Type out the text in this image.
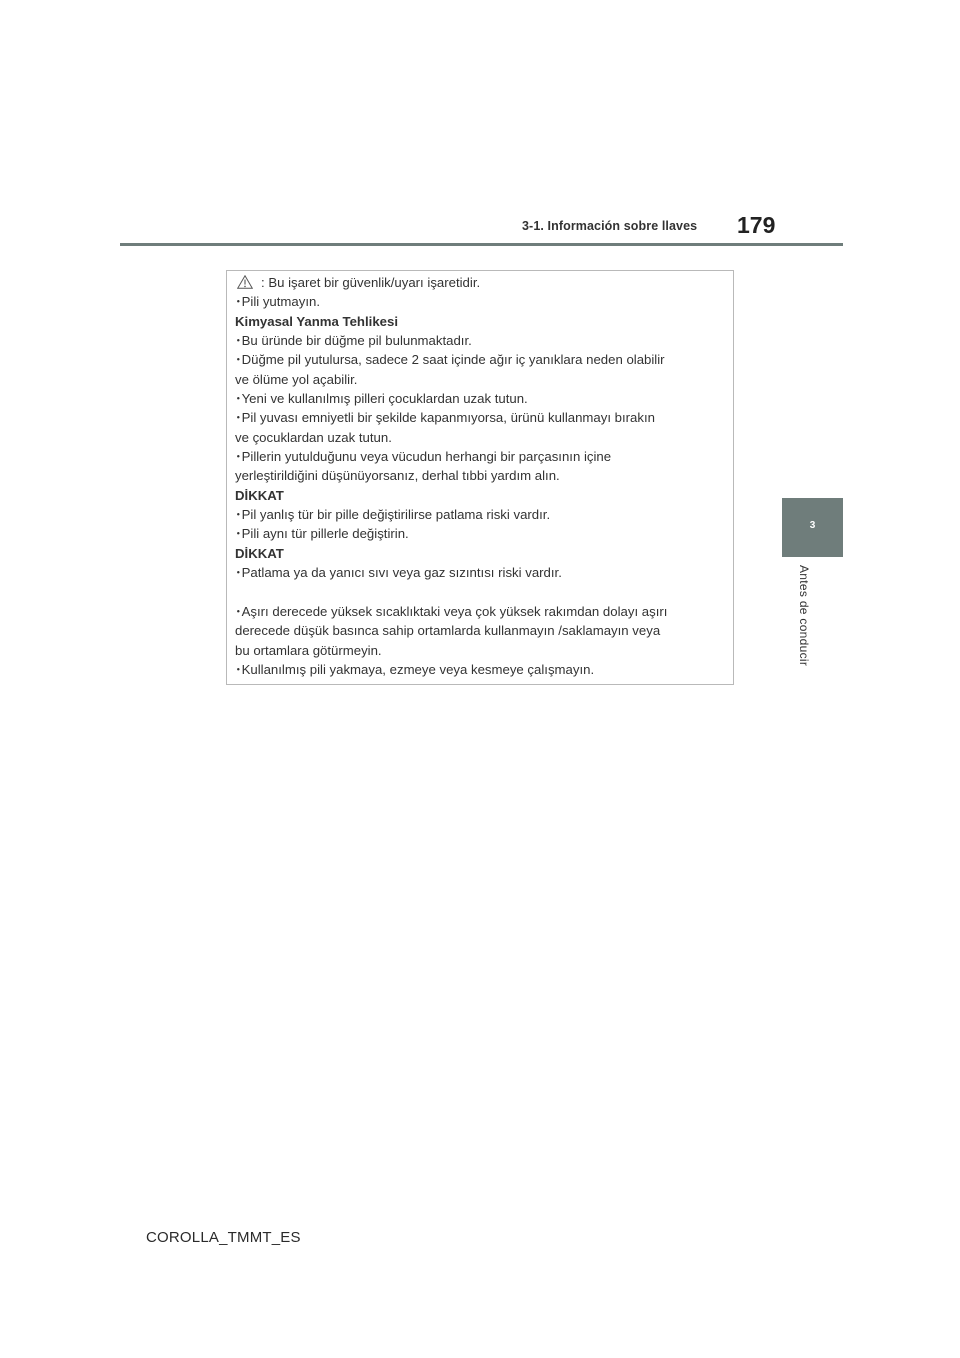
3-1. Información sobre llaves 179
3
Antes de conducir
: Bu işaret bir güvenlik/uyarı işaretidir.
･Pili yutmayın.
Kimyasal Yanma Tehlikesi
･Bu üründe bir düğme pil bulunmaktadır.
･Düğme pil yutulursa, sadece 2 saat içinde ağır iç yanıklara neden olabilir
ve ölüme yol açabilir.
･Yeni ve kullanılmış pilleri çocuklardan uzak tutun.
･Pil yuvası emniyetli bir şekilde kapanmıyorsa, ürünü kullanmayı bırakın
ve çocuklardan uzak tutun.
･Pillerin yutulduğunu veya vücudun herhangi bir parçasının içine
yerleştirildiğini düşünüyorsanız, derhal tıbbi yardım alın.
DİKKAT
･Pil yanlış tür bir pille değiştirilirse patlama riski vardır.
･Pili aynı tür pillerle değiştirin.
DİKKAT
･Patlama ya da yanıcı sıvı veya gaz sızıntısı riski vardır.
･Aşırı derecede yüksek sıcaklıktaki veya çok yüksek rakımdan dolayı aşırı
derecede düşük basınca sahip ortamlarda kullanmayın /saklamayın veya
bu ortamlara götürmeyin.
･Kullanılmış pili yakmaya, ezmeye veya kesmeye çalışmayın.
COROLLA_TMMT_ES
